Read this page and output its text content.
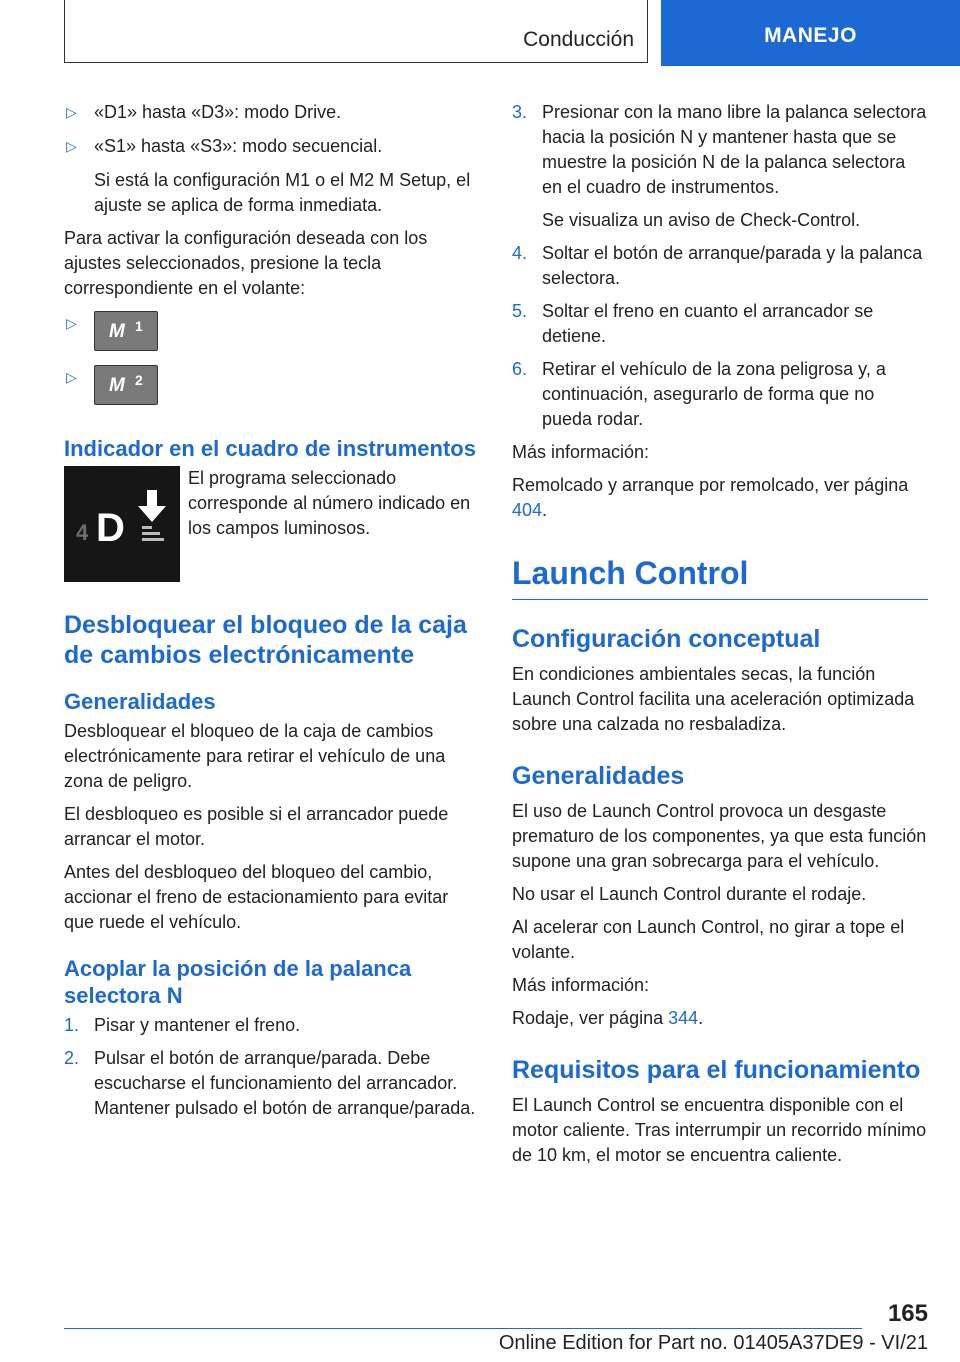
Conducción	MANEJO
▷ «D1» hasta «D3»: modo Drive.
▷ «S1» hasta «S3»: modo secuencial.

Si está la configuración M1 o el M2 M Setup, el ajuste se aplica de forma inmediata.

Para activar la configuración deseada con los ajustes seleccionados, presione la tecla correspondiente en el volante:

▷ M 1
▷ M 2
Indicador en el cuadro de instrumentos
4 D

El programa seleccionado corresponde al número indicado en los campos luminosos.

Desbloquear el bloqueo de la caja de cambios electrónicamente
Generalidades

Desbloquear el bloqueo de la caja de cambios electrónicamente para retirar el vehículo de una zona de peligro.

El desbloqueo es posible si el arrancador puede arrancar el motor.

Antes del desbloqueo del bloqueo del cambio, accionar el freno de estacionamiento para evitar que ruede el vehículo.

Acoplar la posición de la palanca selectora N
1. Pisar y mantener el freno.
2. Pulsar el botón de arranque/parada. Debe escucharse el funcionamiento del arrancador. Mantener pulsado el botón de arranque/parada.
3. Presionar con la mano libre la palanca selectora hacia la posición N y mantener hasta que se muestre la posición N de la palanca selectora en el cuadro de instrumentos.

Se visualiza un aviso de Check-Control.

4. Soltar el botón de arranque/parada y la palanca selectora.
5. Soltar el freno en cuanto el arrancador se detiene.
6. Retirar el vehículo de la zona peligrosa y, a continuación, asegurarlo de forma que no pueda rodar.

Más información:

Remolcado y arranque por remolcado, ver página 404.

Launch Control
Configuración conceptual

En condiciones ambientales secas, la función Launch Control facilita una aceleración optimizada sobre una calzada no resbaladiza.

Generalidades

El uso de Launch Control provoca un desgaste prematuro de los componentes, ya que esta función supone una gran sobrecarga para el vehículo.

No usar el Launch Control durante el rodaje.

Al acelerar con Launch Control, no girar a tope el volante.

Más información:

Rodaje, ver página 344.

Requisitos para el funcionamiento

El Launch Control se encuentra disponible con el motor caliente. Tras interrumpir un recorrido mínimo de 10 km, el motor se encuentra caliente.

165
Online Edition for Part no. 01405A37DE9 - VI/21
